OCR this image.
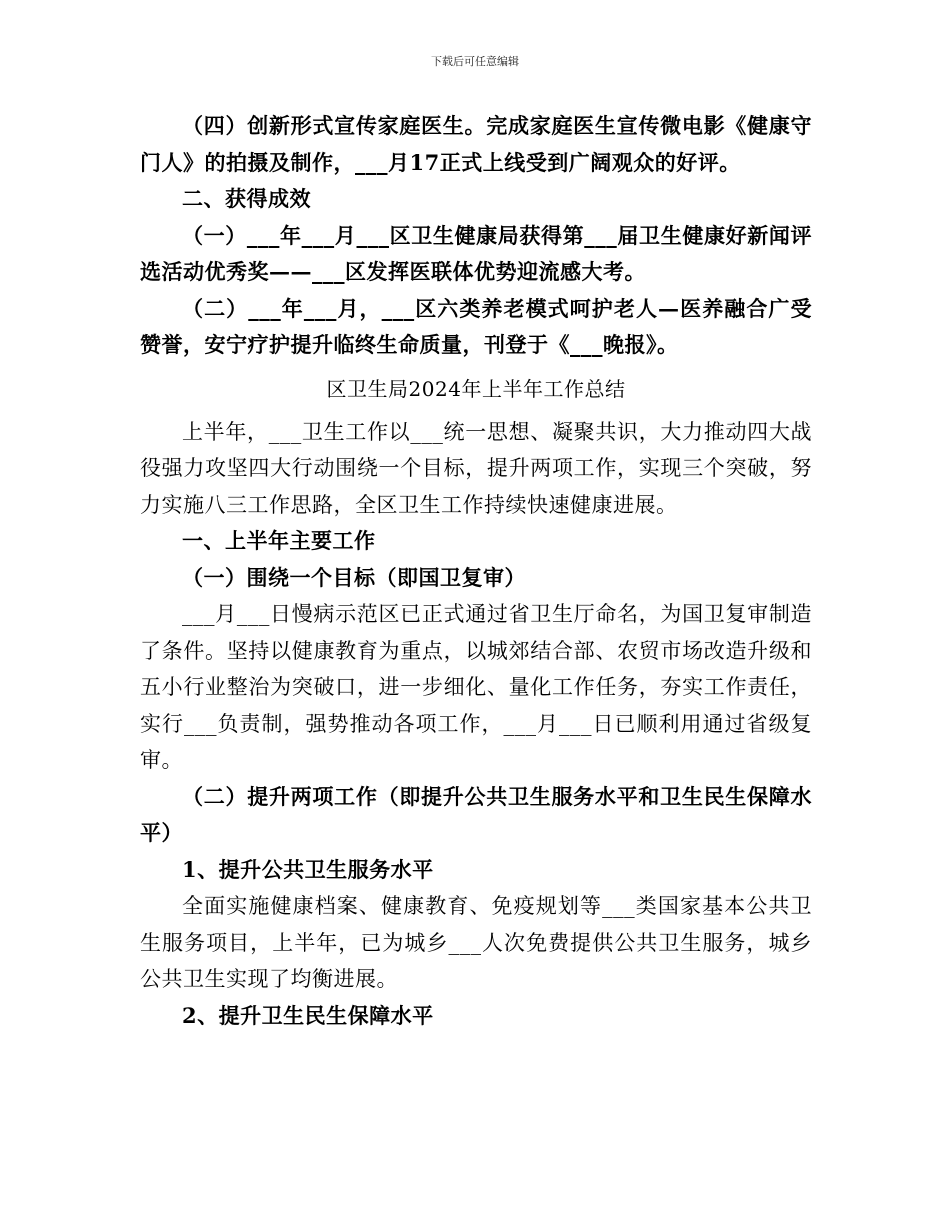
下载后可任意编辑

（四）创新形式宣传家庭医生。完成家庭医生宣传微电影《健康守门人》的拍摄及制作，___月17正式上线受到广阔观众的好评。

二、获得成效

（一）___年___月___区卫生健康局获得第___届卫生健康好新闻评选活动优秀奖——___区发挥医联体优势迎流感大考。

（二）___年___月，___区六类养老模式呵护老人—医养融合广受赞誉，安宁疗护提升临终生命质量，刊登于《___晚报》。

区卫生局2024年上半年工作总结

上半年，___卫生工作以___统一思想、凝聚共识，大力推动四大战役强力攻坚四大行动围绕一个目标，提升两项工作，实现三个突破，努力实施八三工作思路，全区卫生工作持续快速健康进展。

一、上半年主要工作

（一）围绕一个目标（即国卫复审）

___月___日慢病示范区已正式通过省卫生厅命名，为国卫复审制造了条件。坚持以健康教育为重点，以城郊结合部、农贸市场改造升级和五小行业整治为突破口，进一步细化、量化工作任务，夯实工作责任，实行___负责制，强势推动各项工作，___月___日已顺利用通过省级复审。

（二）提升两项工作（即提升公共卫生服务水平和卫生民生保障水平）

1、提升公共卫生服务水平

全面实施健康档案、健康教育、免疫规划等___类国家基本公共卫生服务项目，上半年，已为城乡___人次免费提供公共卫生服务，城乡公共卫生实现了均衡进展。

2、提升卫生民生保障水平
